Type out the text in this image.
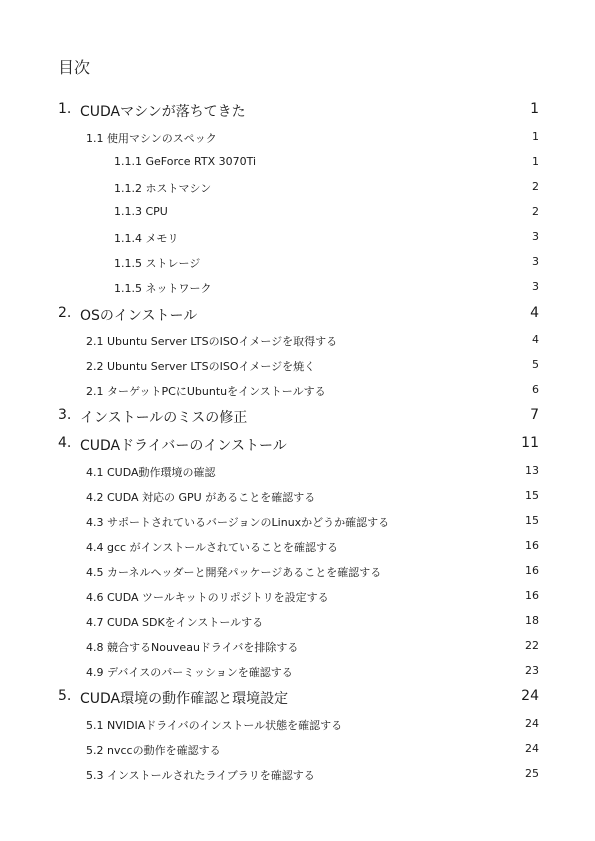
目次
1. CUDAマシンが落ちてきた	1
1.1 使用マシンのスペック	1
1.1.1 GeForce RTX 3070Ti	1
1.1.2 ホストマシン	2
1.1.3 CPU	2
1.1.4 メモリ	3
1.1.5 ストレージ	3
1.1.5 ネットワーク	3
2. OSのインストール	4
2.1 Ubuntu Server LTSのISOイメージを取得する	4
2.2 Ubuntu Server LTSのISOイメージを焼く	5
2.1 ターゲットPCにUbuntuをインストールする	6
3. インストールのミスの修正	7
4. CUDAドライバーのインストール	11
4.1 CUDA動作環境の確認	13
4.2 CUDA 対応の GPU があることを確認する	15
4.3 サポートされているバージョンのLinuxかどうか確認する	15
4.4 gcc がインストールされていることを確認する	16
4.5 カーネルヘッダーと開発パッケージあることを確認する	16
4.6 CUDA ツールキットのリポジトリを設定する	16
4.7 CUDA SDKをインストールする	18
4.8 競合するNouveauドライバを排除する	22
4.9 デバイスのパーミッションを確認する	23
5. CUDA環境の動作確認と環境設定	24
5.1 NVIDIAドライバのインストール状態を確認する	24
5.2 nvccの動作を確認する	24
5.3 インストールされたライブラリを確認する	25
